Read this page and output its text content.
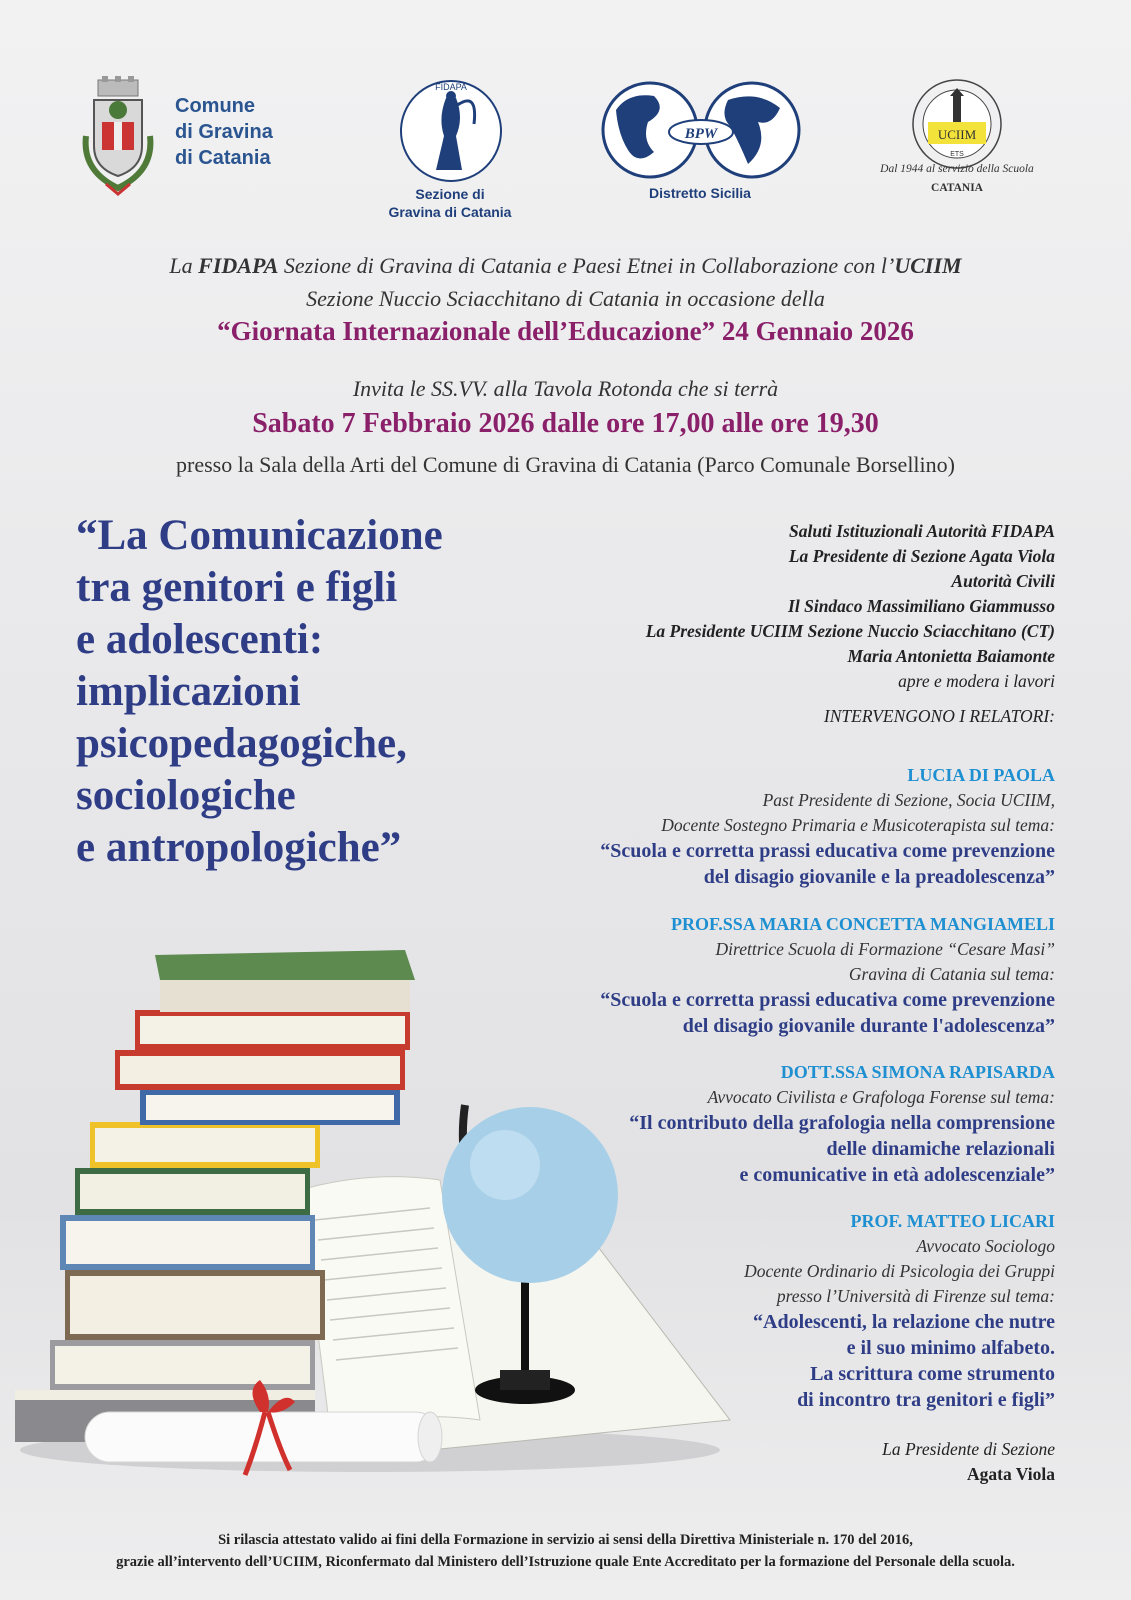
Comune
di Gravina
di Catania
FIDAPA
Sezione di
Gravina di Catania
BPW
Distretto Sicilia
UCIIM
ETS
Dal 1944 al servizio della Scuola
CATANIA
La FIDAPA Sezione di Gravina di Catania e Paesi Etnei in Collaborazione con l’UCIIM
Sezione Nuccio Sciacchitano di Catania in occasione della
“Giornata Internazionale dell’Educazione” 24 Gennaio 2026
Invita le SS.VV. alla Tavola Rotonda che si terrà
Sabato 7 Febbraio 2026 dalle ore 17,00 alle ore 19,30
presso la Sala della Arti del Comune di Gravina di Catania (Parco Comunale Borsellino)
“La Comunicazione
tra genitori e figli
e adolescenti:
implicazioni
psicopedagogiche,
sociologiche
e antropologiche”
Saluti Istituzionali Autorità FIDAPA
La Presidente di Sezione Agata Viola
Autorità Civili
Il Sindaco Massimiliano Giammusso
La Presidente UCIIM Sezione Nuccio Sciacchitano (CT)
Maria Antonietta Baiamonte
apre e modera i lavori
INTERVENGONO I RELATORI:
LUCIA DI PAOLA
Past Presidente di Sezione, Socia UCIIM,
Docente Sostegno Primaria e Musicoterapista sul tema:
“Scuola e corretta prassi educativa come prevenzione
del disagio giovanile e la preadolescenza”
PROF.SSA MARIA CONCETTA MANGIAMELI
Direttrice Scuola di Formazione “Cesare Masi”
Gravina di Catania sul tema:
“Scuola e corretta prassi educativa come prevenzione
del disagio giovanile durante l'adolescenza”
DOTT.SSA SIMONA RAPISARDA
Avvocato Civilista e Grafologa Forense sul tema:
“Il contributo della grafologia nella comprensione
delle dinamiche relazionali
e comunicative in età adolescenziale”
PROF. MATTEO LICARI
Avvocato Sociologo
Docente Ordinario di Psicologia dei Gruppi
presso l’Università di Firenze sul tema:
“Adolescenti, la relazione che nutre
e il suo minimo alfabeto.
La scrittura come strumento
di incontro tra genitori e figli”
La Presidente di Sezione
Agata Viola
Si rilascia attestato valido ai fini della Formazione in servizio ai sensi della Direttiva Ministeriale n. 170 del 2016,
grazie all’intervento dell’UCIIM, Riconfermato dal Ministero dell’Istruzione quale Ente Accreditato per la formazione del Personale della scuola.
